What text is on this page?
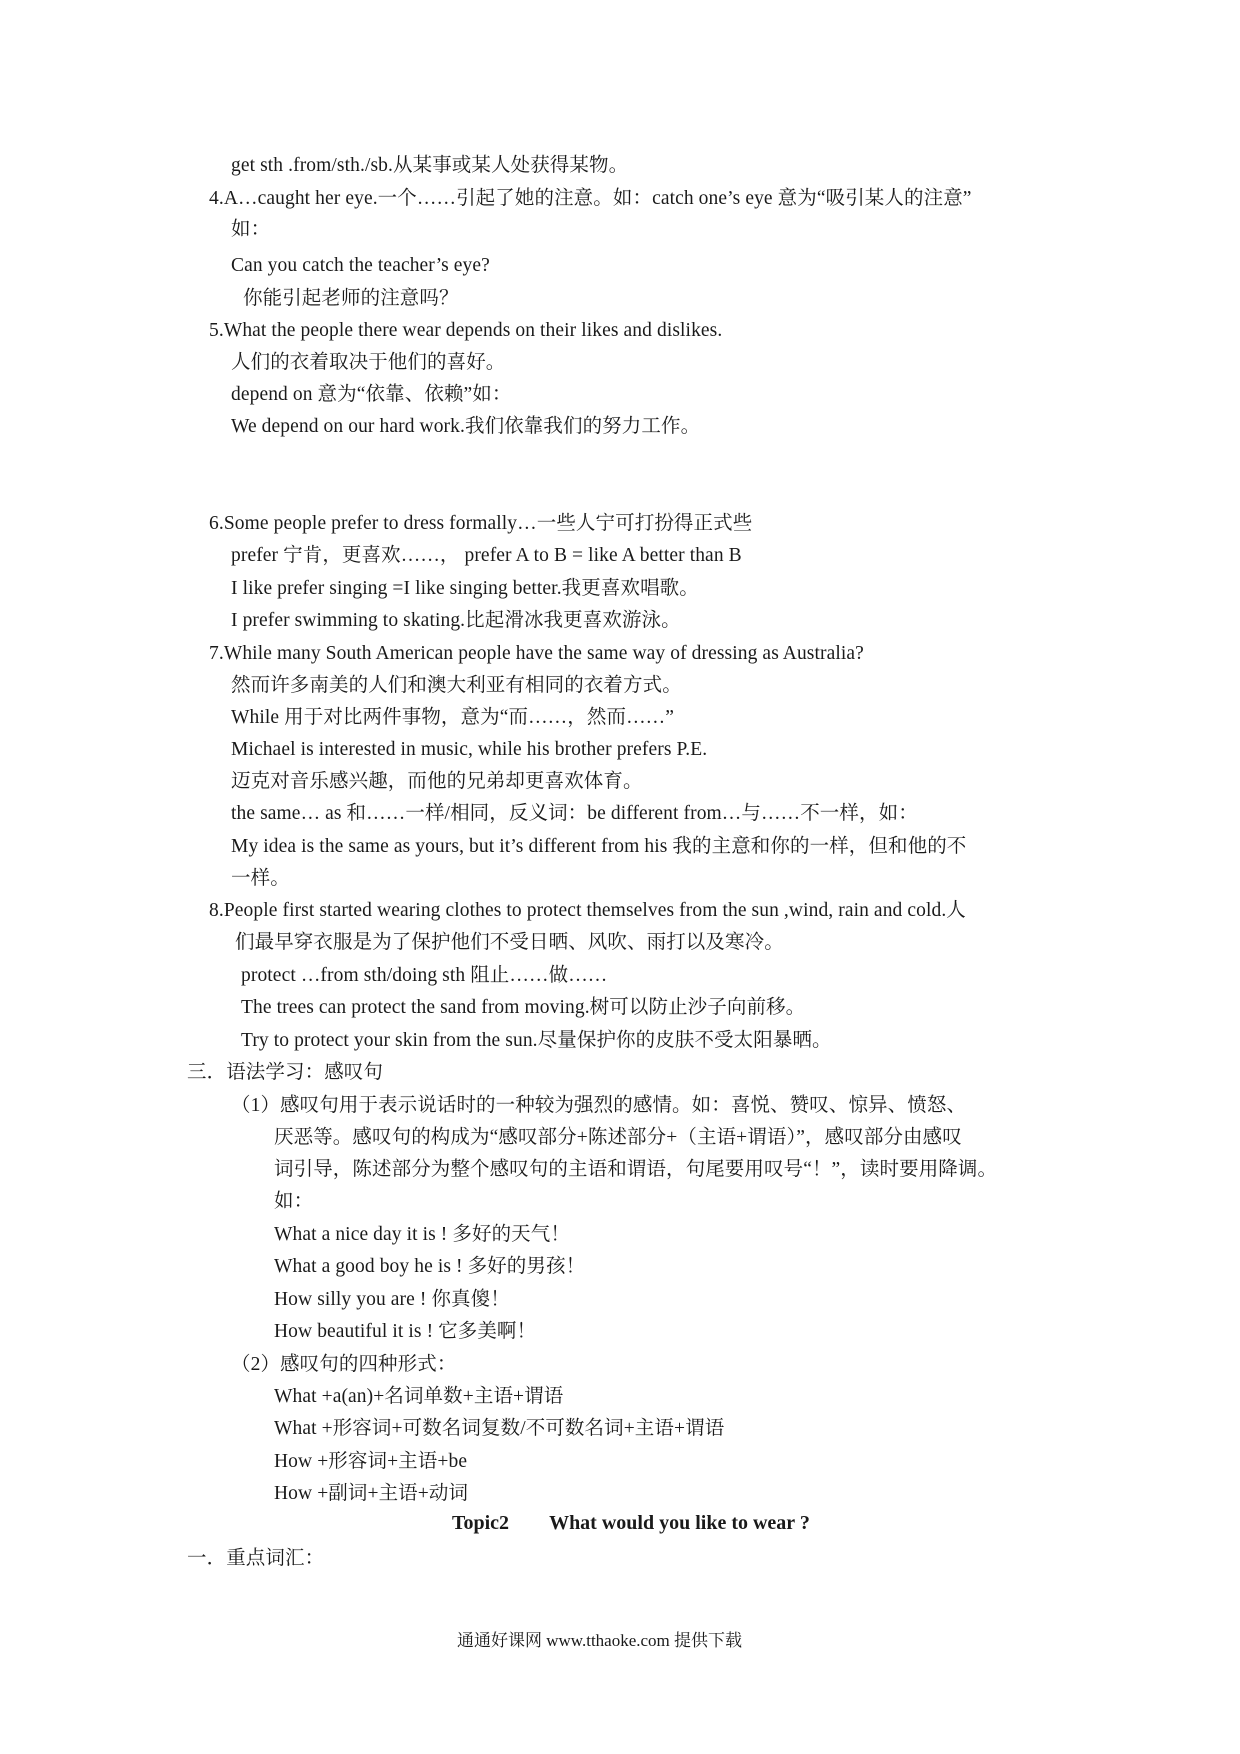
get sth .from/sth./sb.从某事或某人处获得某物。
4.A…caught her eye.一个……引起了她的注意。如：catch one’s eye 意为“吸引某人的注意”
如：
Can you catch the teacher’s eye?
你能引起老师的注意吗？
5.What the people there wear depends on their likes and dislikes.
人们的衣着取决于他们的喜好。
depend on 意为“依靠、依赖”如：
We depend on our hard work.我们依靠我们的努力工作。
6.Some people prefer to dress formally…一些人宁可打扮得正式些
prefer 宁肯，更喜欢……， prefer A to B = like A better than B
I like prefer singing =I like singing better.我更喜欢唱歌。
I prefer swimming to skating.比起滑冰我更喜欢游泳。
7.While many South American people have the same way of dressing as Australia?
然而许多南美的人们和澳大利亚有相同的衣着方式。
While 用于对比两件事物，意为“而……，然而……”
Michael is interested in music, while his brother prefers P.E.
迈克对音乐感兴趣，而他的兄弟却更喜欢体育。
the same… as 和……一样/相同，反义词：be different from…与……不一样，如：
My idea is the same as yours, but it’s different from his 我的主意和你的一样，但和他的不
一样。
8.People first started wearing clothes to protect themselves from the sun ,wind, rain and cold.人
们最早穿衣服是为了保护他们不受日晒、风吹、雨打以及寒冷。
protect …from sth/doing sth 阻止……做……
The trees can protect the sand from moving.树可以防止沙子向前移。
Try to protect your skin from the sun.尽量保护你的皮肤不受太阳暴晒。
三．语法学习：感叹句
（1）感叹句用于表示说话时的一种较为强烈的感情。如：喜悦、赞叹、惊异、愤怒、
厌恶等。感叹句的构成为“感叹部分+陈述部分+（主语+谓语）”，感叹部分由感叹
词引导，陈述部分为整个感叹句的主语和谓语，句尾要用叹号“！”，读时要用降调。
如：
What a nice day it is ! 多好的天气！
What a good boy he is ! 多好的男孩！
How silly you are ! 你真傻！
How beautiful it is ! 它多美啊！
（2）感叹句的四种形式：
What +a(an)+名词单数+主语+谓语
What +形容词+可数名词复数/不可数名词+主语+谓语
How +形容词+主语+be
How +副词+主语+动词
Topic2 What would you like to wear ?
一．重点词汇：
通通好课网 www.tthaoke.com 提供下载
